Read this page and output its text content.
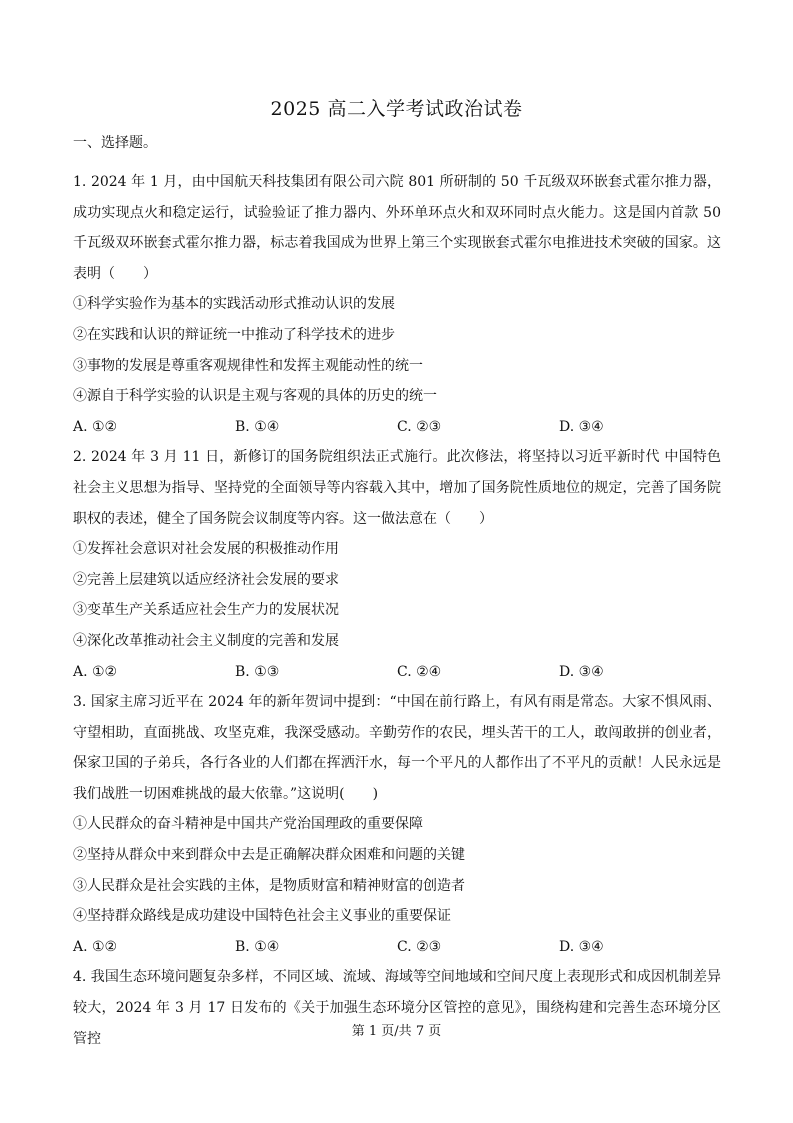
2025 高二入学考试政治试卷
一、选择题。

1. 2024 年 1 月，由中国航天科技集团有限公司六院 801 所研制的 50 千瓦级双环嵌套式霍尔推力器，成功实现点火和稳定运行，试验验证了推力器内、外环单环点火和双环同时点火能力。这是国内首款 50 千瓦级双环嵌套式霍尔推力器，标志着我国成为世界上第三个实现嵌套式霍尔电推进技术突破的国家。这表明（　　）

①科学实验作为基本的实践活动形式推动认识的发展

②在实践和认识的辩证统一中推动了科学技术的进步

③事物的发展是尊重客观规律性和发挥主观能动性的统一

④源自于科学实验的认识是主观与客观的具体的历史的统一

A. ①②	B. ①④	C. ②③	D. ③④

2. 2024 年 3 月 11 日，新修订的国务院组织法正式施行。此次修法，将坚持以习近平新时代 中国特色社会主义思想为指导、坚持党的全面领导等内容载入其中，增加了国务院性质地位的规定，完善了国务院职权的表述，健全了国务院会议制度等内容。这一做法意在（　　）

①发挥社会意识对社会发展的积极推动作用

②完善上层建筑以适应经济社会发展的要求

③变革生产关系适应社会生产力的发展状况

④深化改革推动社会主义制度的完善和发展

A. ①②	B. ①③	C. ②④	D. ③④

3. 国家主席习近平在 2024 年的新年贺词中提到：“中国在前行路上，有风有雨是常态。大家不惧风雨、守望相助，直面挑战、攻坚克难，我深受感动。辛勤劳作的农民，埋头苦干的工人，敢闯敢拼的创业者，保家卫国的子弟兵，各行各业的人们都在挥洒汗水，每一个平凡的人都作出了不平凡的贡献！人民永远是我们战胜一切困难挑战的最大依靠。”这说明(　　)

①人民群众的奋斗精神是中国共产党治国理政的重要保障

②坚持从群众中来到群众中去是正确解决群众困难和问题的关键

③人民群众是社会实践的主体，是物质财富和精神财富的创造者

④坚持群众路线是成功建设中国特色社会主义事业的重要保证

A. ①②	B. ①④	C. ②③	D. ③④

4. 我国生态环境问题复杂多样，不同区域、流域、海域等空间地域和空间尺度上表现形式和成因机制差异较大，2024 年 3 月 17 日发布的《关于加强生态环境分区管控的意见》，围绕构建和完善生态环境分区管控	第 1 页/共 7 页
